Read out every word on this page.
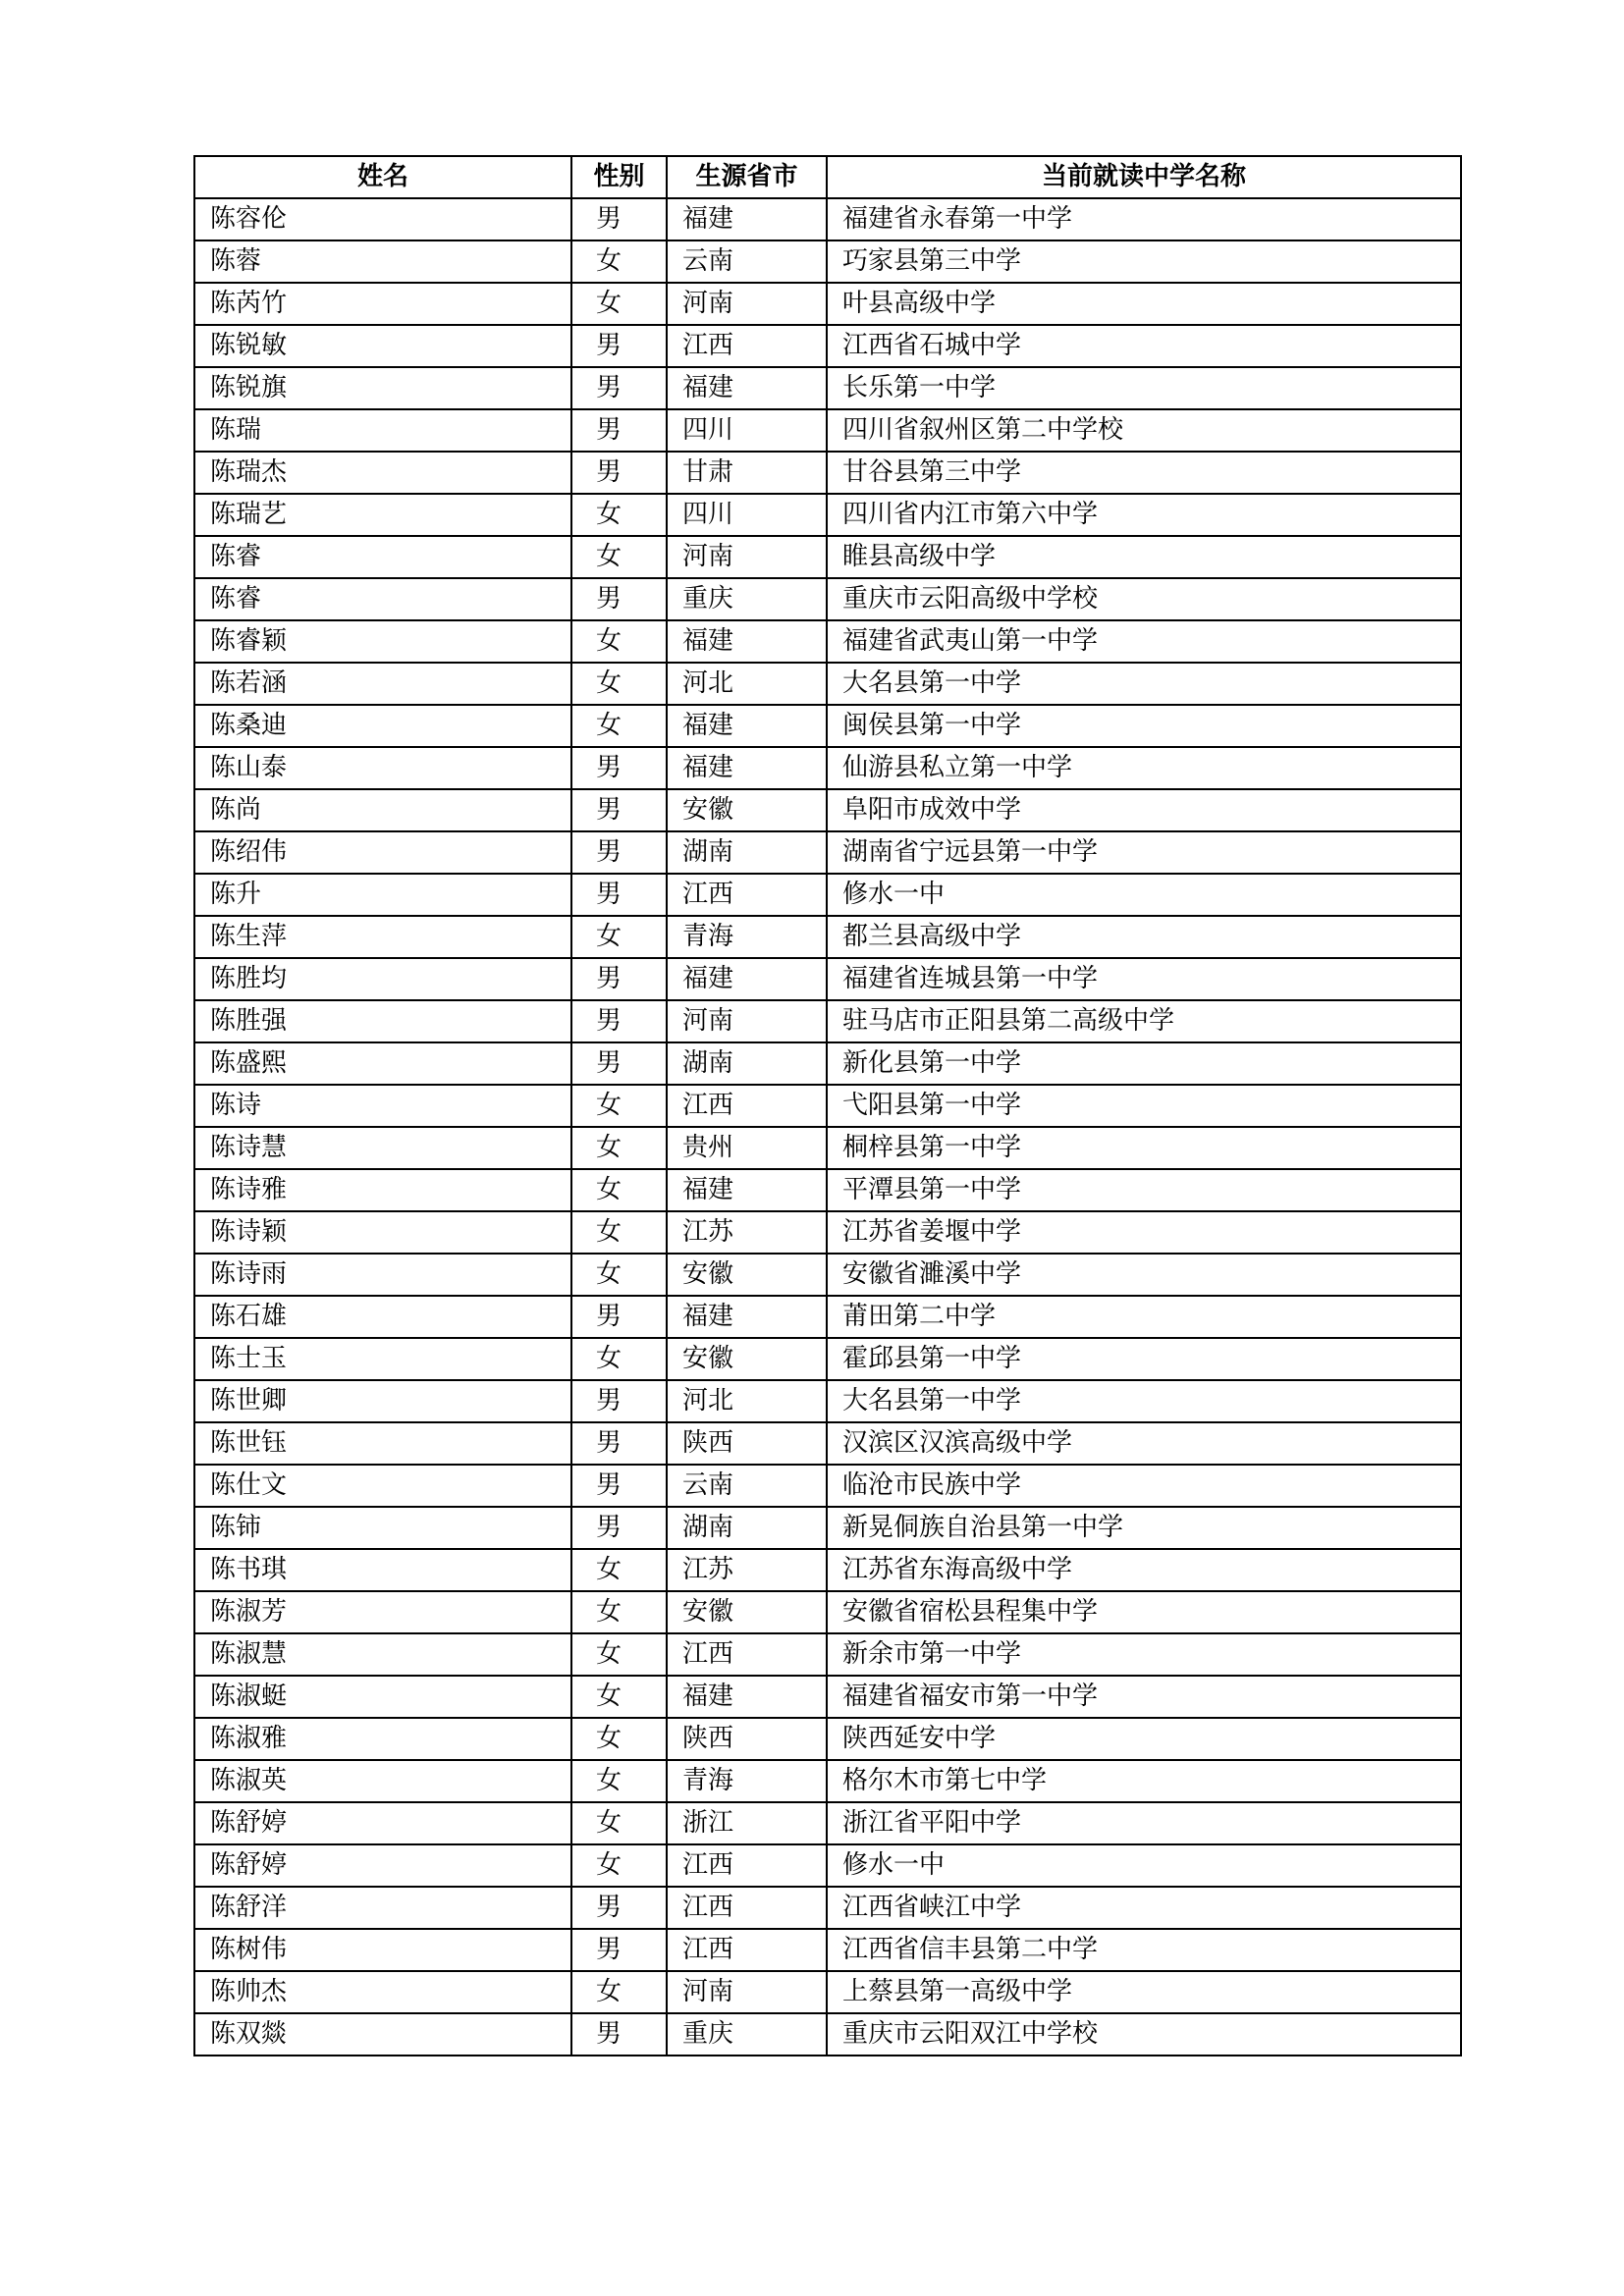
姓名	性别	生源省市	当前就读中学名称
陈容伦	男	福建	福建省永春第一中学
陈蓉	女	云南	巧家县第三中学
陈芮竹	女	河南	叶县高级中学
陈锐敏	男	江西	江西省石城中学
陈锐旗	男	福建	长乐第一中学
陈瑞	男	四川	四川省叙州区第二中学校
陈瑞杰	男	甘肃	甘谷县第三中学
陈瑞艺	女	四川	四川省内江市第六中学
陈睿	女	河南	睢县高级中学
陈睿	男	重庆	重庆市云阳高级中学校
陈睿颖	女	福建	福建省武夷山第一中学
陈若涵	女	河北	大名县第一中学
陈桑迪	女	福建	闽侯县第一中学
陈山泰	男	福建	仙游县私立第一中学
陈尚	男	安徽	阜阳市成效中学
陈绍伟	男	湖南	湖南省宁远县第一中学
陈升	男	江西	修水一中
陈生萍	女	青海	都兰县高级中学
陈胜均	男	福建	福建省连城县第一中学
陈胜强	男	河南	驻马店市正阳县第二高级中学
陈盛熙	男	湖南	新化县第一中学
陈诗	女	江西	弋阳县第一中学
陈诗慧	女	贵州	桐梓县第一中学
陈诗雅	女	福建	平潭县第一中学
陈诗颖	女	江苏	江苏省姜堰中学
陈诗雨	女	安徽	安徽省濉溪中学
陈石雄	男	福建	莆田第二中学
陈士玉	女	安徽	霍邱县第一中学
陈世卿	男	河北	大名县第一中学
陈世钰	男	陕西	汉滨区汉滨高级中学
陈仕文	男	云南	临沧市民族中学
陈铈	男	湖南	新晃侗族自治县第一中学
陈书琪	女	江苏	江苏省东海高级中学
陈淑芳	女	安徽	安徽省宿松县程集中学
陈淑慧	女	江西	新余市第一中学
陈淑蜓	女	福建	福建省福安市第一中学
陈淑雅	女	陕西	陕西延安中学
陈淑英	女	青海	格尔木市第七中学
陈舒婷	女	浙江	浙江省平阳中学
陈舒婷	女	江西	修水一中
陈舒洋	男	江西	江西省峡江中学
陈树伟	男	江西	江西省信丰县第二中学
陈帅杰	女	河南	上蔡县第一高级中学
陈双燚	男	重庆	重庆市云阳双江中学校
